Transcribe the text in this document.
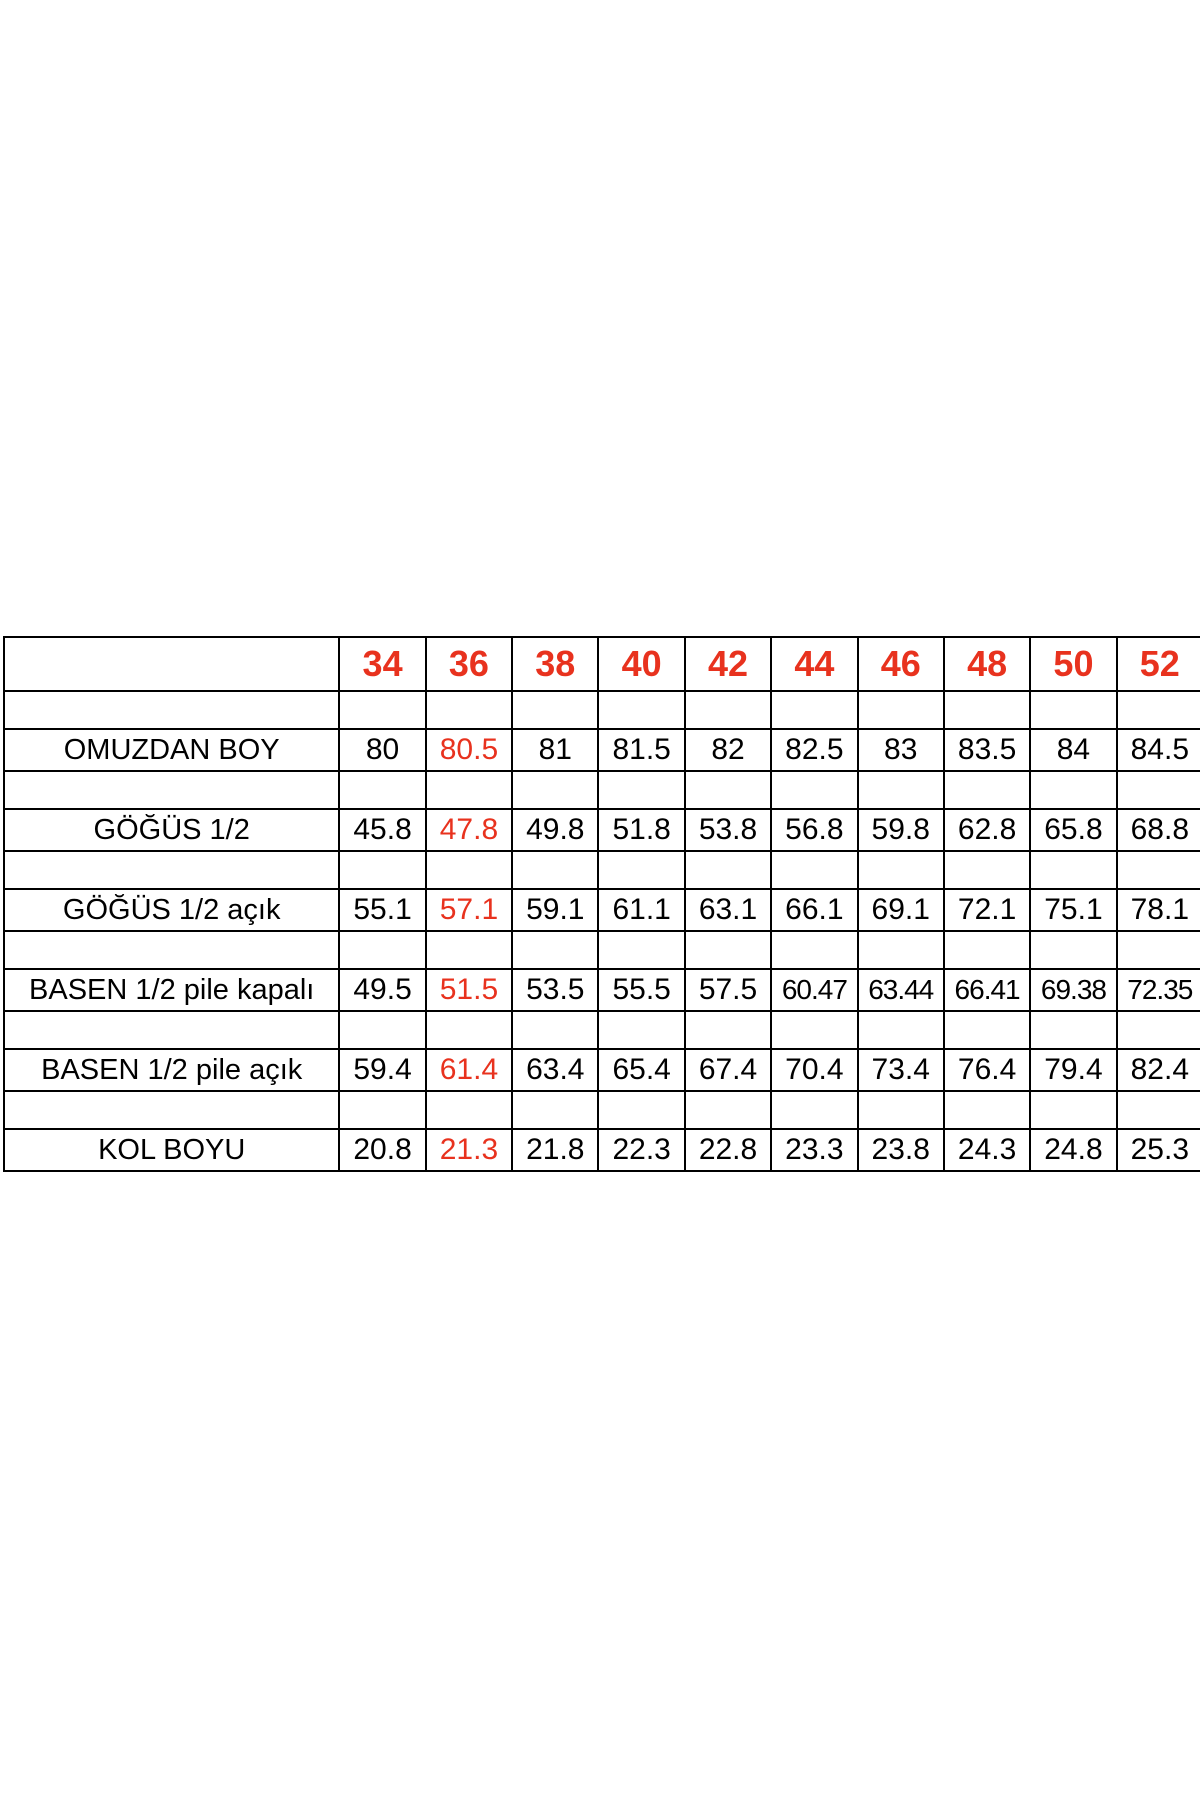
	34	36	38	40	42	44	46	48	50	52

OMUZDAN BOY	80	80.5	81	81.5	82	82.5	83	83.5	84	84.5

GÖĞÜS 1/2	45.8	47.8	49.8	51.8	53.8	56.8	59.8	62.8	65.8	68.8

GÖĞÜS 1/2 açık	55.1	57.1	59.1	61.1	63.1	66.1	69.1	72.1	75.1	78.1

BASEN 1/2 pile kapalı	49.5	51.5	53.5	55.5	57.5	60.47	63.44	66.41	69.38	72.35

BASEN 1/2 pile açık	59.4	61.4	63.4	65.4	67.4	70.4	73.4	76.4	79.4	82.4

KOL BOYU	20.8	21.3	21.8	22.3	22.8	23.3	23.8	24.3	24.8	25.3
